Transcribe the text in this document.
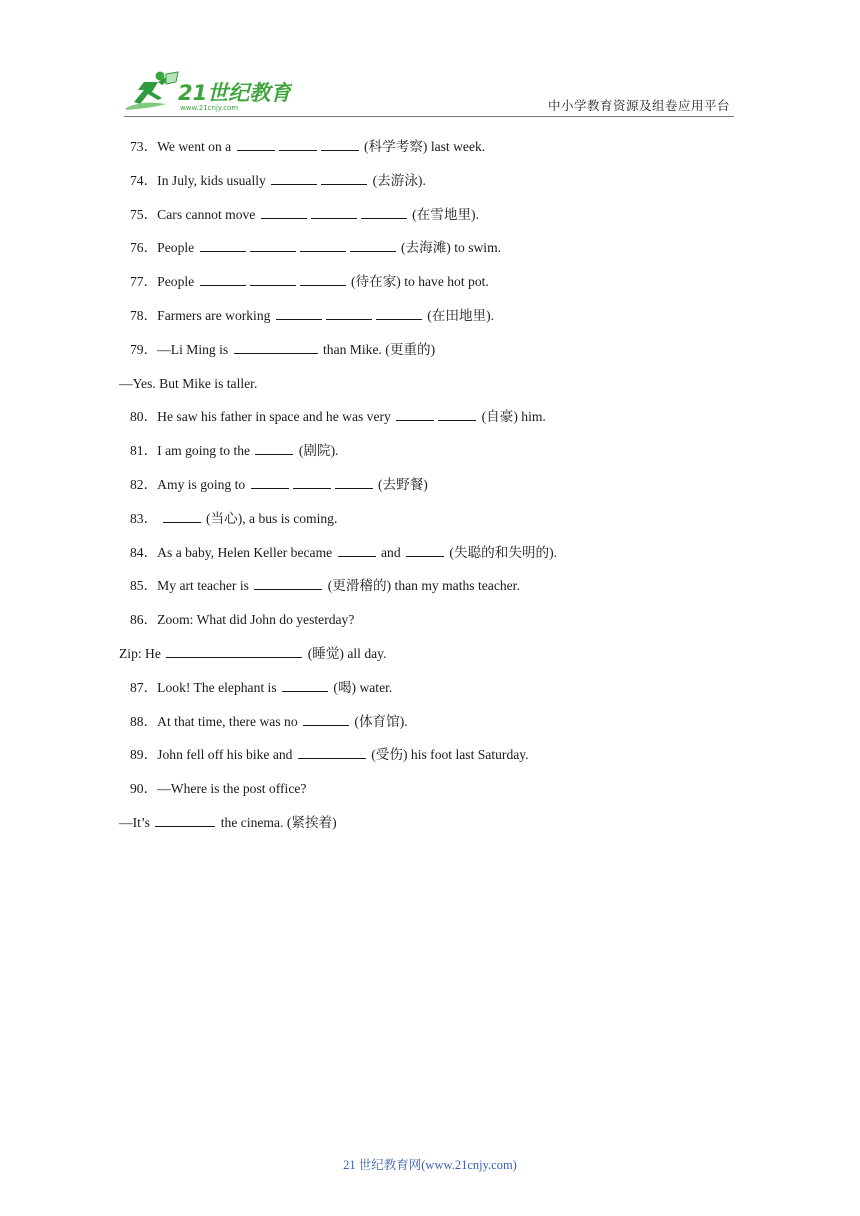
21世纪教育
www.21cnjy.com	中小学教育资源及组卷应用平台
73．We went on a	(科学考察) last week.
74．In July, kids usually	(去游泳).
75．Cars cannot move	(在雪地里).
76．People	(去海滩) to swim.
77．People	(待在家) to have hot pot.
78．Farmers are working	(在田地里).
79．—Li Ming is	than Mike. (更重的)
—Yes. But Mike is taller.
80．He saw his father in space and he was very	(自豪) him.
81．I am going to the	(剧院).
82．Amy is going to	(去野餐)
83．	(当心), a bus is coming.
84．As a baby, Helen Keller became	and	(失聪的和失明的).
85．My art teacher is	(更滑稽的) than my maths teacher.
86．Zoom: What did John do yesterday?
Zip: He	(睡觉) all day.
87．Look! The elephant is	(喝) water.
88．At that time, there was no	(体育馆).
89．John fell off his bike and	(受伤) his foot last Saturday.
90．—Where is the post office?
—It’s	the cinema. (紧挨着)
21 世纪教育网(www.21cnjy.com)
